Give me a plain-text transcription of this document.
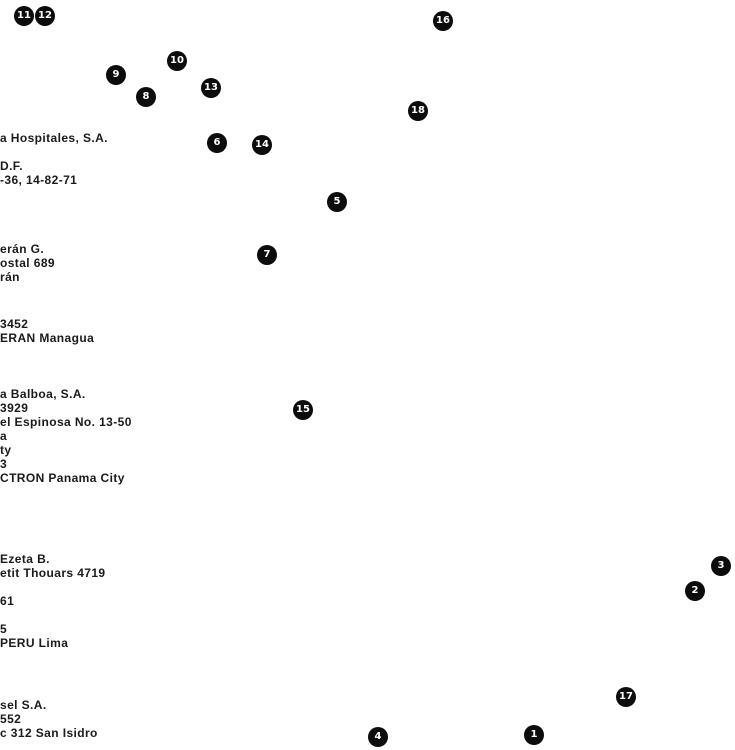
a Hospitales, S.A.

D.F.
-36, 14-82-71
erán G.
ostal 689
rán
3452
ERAN Managua
a Balboa, S.A.
3929
el Espinosa No. 13-50
a
ty
3
CTRON Panama City
Ezeta B.
etit Thouars 4719

61

5
PERU Lima
sel S.A.
552
c 312 San Isidro
11 12	16
10
9
13
8
18
6	14
5
7
15
3
2
17
4	1
